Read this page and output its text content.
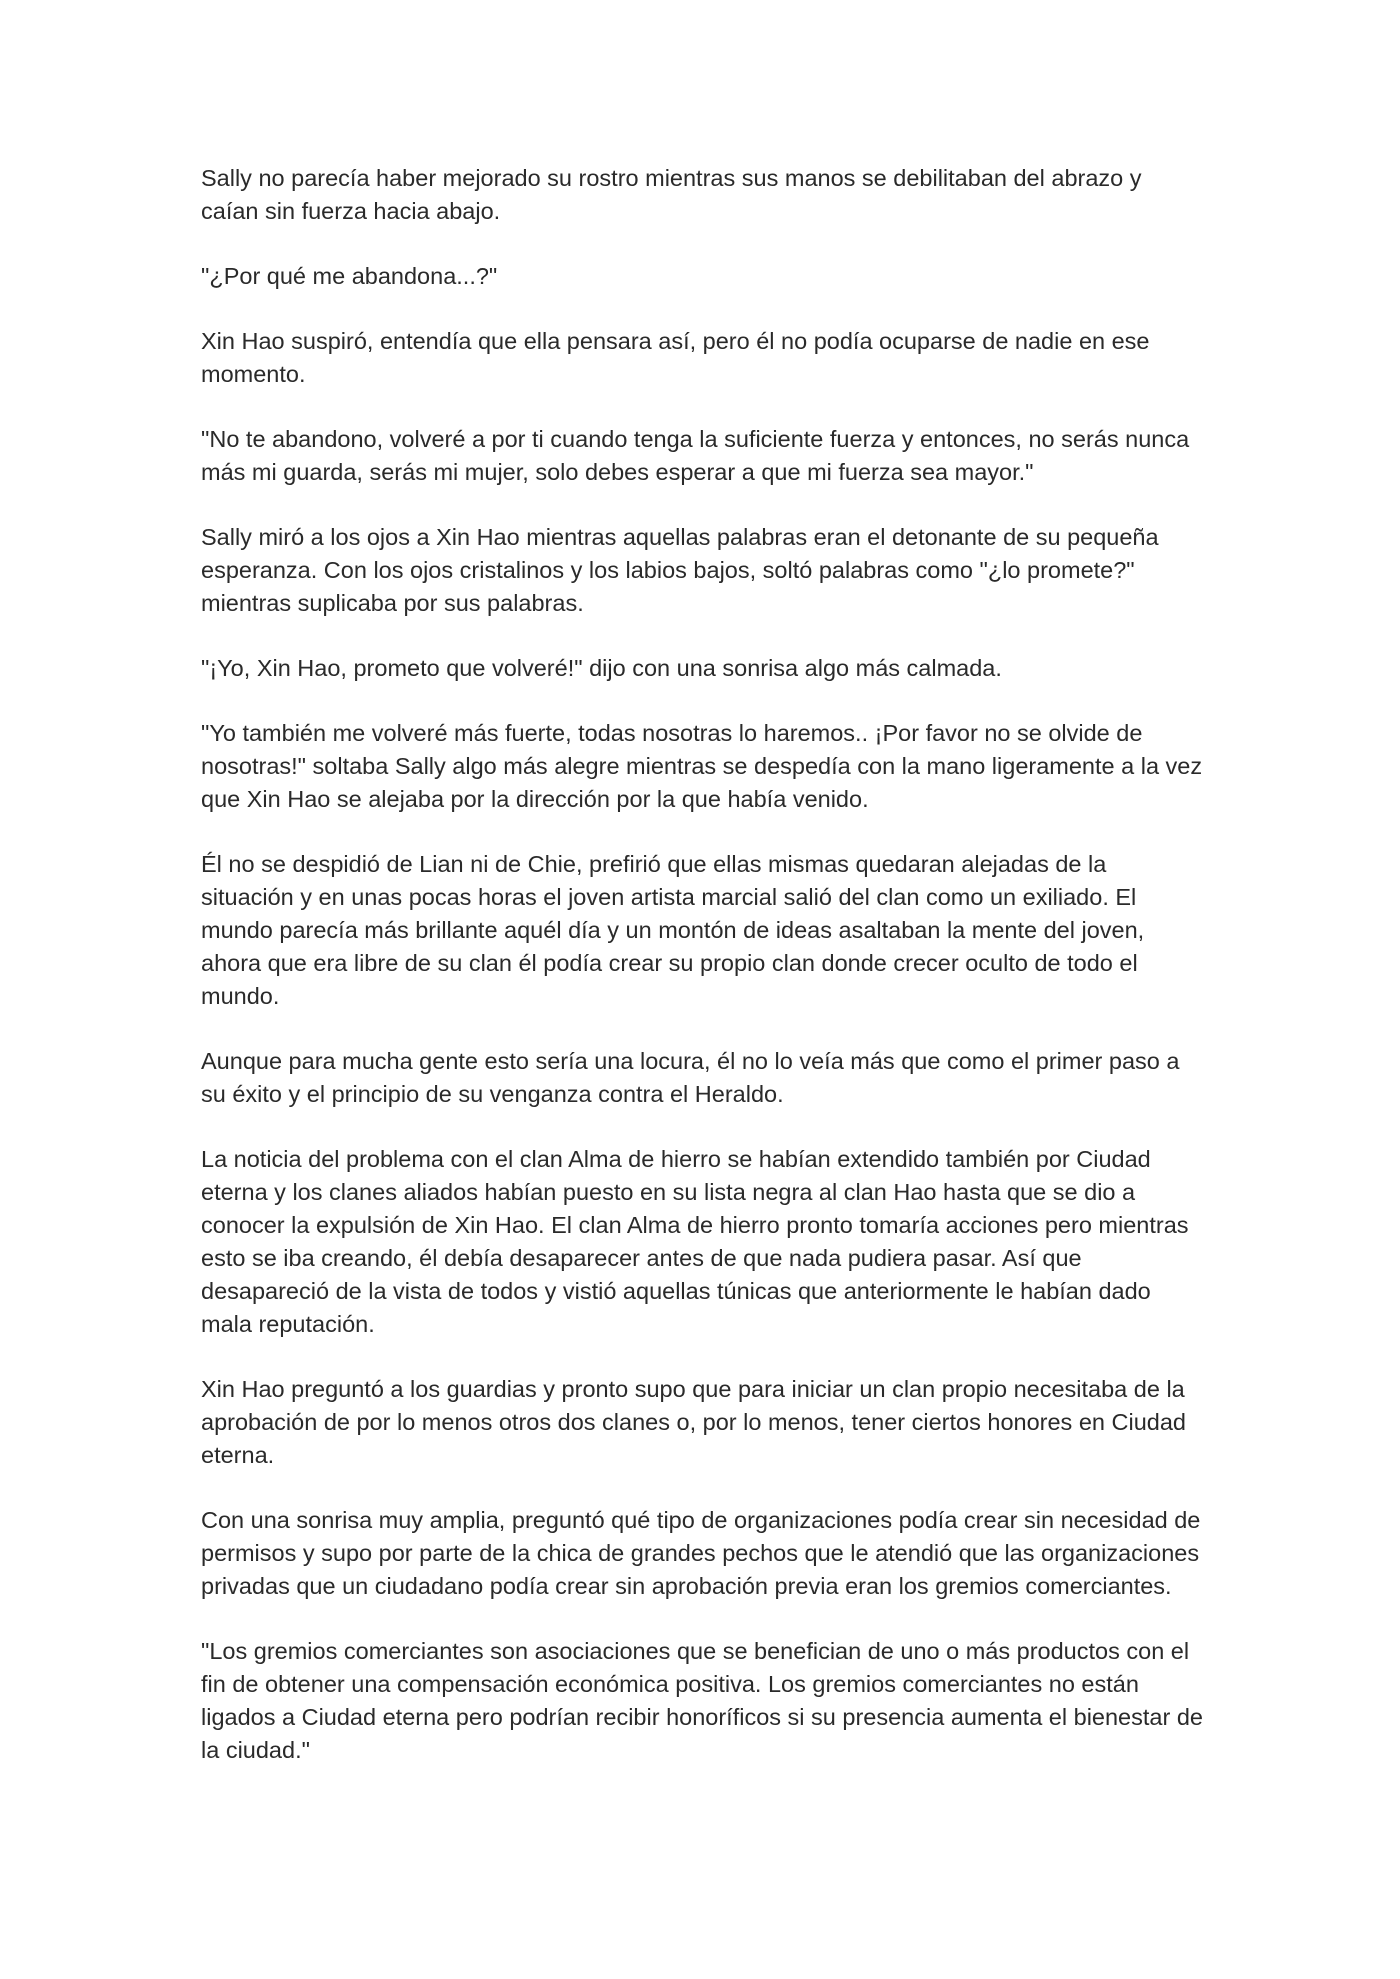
Sally no parecía haber mejorado su rostro mientras sus manos se debilitaban del abrazo y caían sin fuerza hacia abajo.

"¿Por qué me abandona...?"

Xin Hao suspiró, entendía que ella pensara así, pero él no podía ocuparse de nadie en ese momento.

"No te abandono, volveré a por ti cuando tenga la suficiente fuerza y entonces, no serás nunca más mi guarda, serás mi mujer, solo debes esperar a que mi fuerza sea mayor."

Sally miró a los ojos a Xin Hao mientras aquellas palabras eran el detonante de su pequeña esperanza. Con los ojos cristalinos y los labios bajos, soltó palabras como "¿lo promete?" mientras suplicaba por sus palabras.

"¡Yo, Xin Hao, prometo que volveré!" dijo con una sonrisa algo más calmada.

"Yo también me volveré más fuerte, todas nosotras lo haremos.. ¡Por favor no se olvide de nosotras!" soltaba Sally algo más alegre mientras se despedía con la mano ligeramente a la vez que Xin Hao se alejaba por la dirección por la que había venido.

Él no se despidió de Lian ni de Chie, prefirió que ellas mismas quedaran alejadas de la situación y en unas pocas horas el joven artista marcial salió del clan como un exiliado. El mundo parecía más brillante aquél día y un montón de ideas asaltaban la mente del joven, ahora que era libre de su clan él podía crear su propio clan donde crecer oculto de todo el mundo.

Aunque para mucha gente esto sería una locura, él no lo veía más que como el primer paso a su éxito y el principio de su venganza contra el Heraldo.

La noticia del problema con el clan Alma de hierro se habían extendido también por Ciudad eterna y los clanes aliados habían puesto en su lista negra al clan Hao hasta que se dio a conocer la expulsión de Xin Hao. El clan Alma de hierro pronto tomaría acciones pero mientras esto se iba creando, él debía desaparecer antes de que nada pudiera pasar. Así que desapareció de la vista de todos y vistió aquellas túnicas que anteriormente le habían dado mala reputación.

Xin Hao preguntó a los guardias y pronto supo que para iniciar un clan propio necesitaba de la aprobación de por lo menos otros dos clanes o, por lo menos, tener ciertos honores en Ciudad eterna.

Con una sonrisa muy amplia, preguntó qué tipo de organizaciones podía crear sin necesidad de permisos y supo por parte de la chica de grandes pechos que le atendió que las organizaciones privadas que un ciudadano podía crear sin aprobación previa eran los gremios comerciantes.

"Los gremios comerciantes son asociaciones que se benefician de uno o más productos con el fin de obtener una compensación económica positiva. Los gremios comerciantes no están ligados a Ciudad eterna pero podrían recibir honoríficos si su presencia aumenta el bienestar de la ciudad."
